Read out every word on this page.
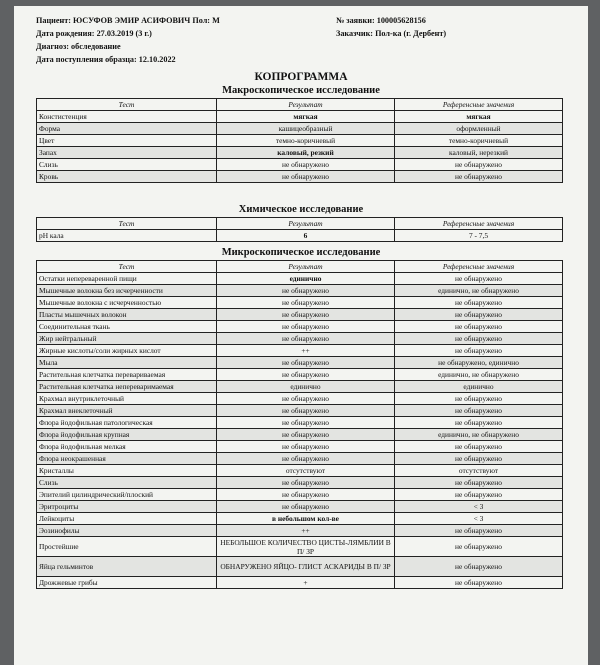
Пациент: ЮСУФОВ ЭМИР АСИФОВИЧ Пол: М
Дата рождения: 27.03.2019 (3 г.)
Диагноз: обследование
Дата поступления образца: 12.10.2022
№ заявки: 100005628156
Заказчик: Пол-ка (г. Дербент)
КОПРОГРАММА
Макроскопическое исследование
Тест	Результат	Референсные значения
Констистенция	мягкая	мягкая
Форма	кашицеобразный	оформленный
Цвет	темно-коричневый	темно-коричневый
Запах	каловый, резкий	каловый, нерезкий
Слизь	не обнаружено	не обнаружено
Кровь	не обнаружено	не обнаружено
Химическое исследование
Тест	Результат	Референсные значения
pH кала	6	7 - 7,5
Микроскопическое исследование
Тест	Результат	Референсные значения
Остатки непереваренной пищи	единично	не обнаружено
Мышечные волокна без исчерченности	не обнаружено	единично, не обнаружено
Мышечные волокна с исчерченностью	не обнаружено	не обнаружено
Пласты мышечных волокон	не обнаружено	не обнаружено
Соединительная ткань	не обнаружено	не обнаружено
Жир нейтральный	не обнаружено	не обнаружено
Жирные кислоты/соли жирных кислот	++	не обнаружено
Мыла	не обнаружено	не обнаружено, единично
Растительная клетчатка перевариваемая	не обнаружено	единично, не обнаружено
Растительная клетчатка непереваримаемая	единично	единично
Крахмал внутриклеточный	не обнаружено	не обнаружено
Крахмал внеклеточный	не обнаружено	не обнаружено
Флора йодофильная патологическая	не обнаружено	не обнаружено
Флора йодофильная крупная	не обнаружено	единично, не обнаружено
Флора йодофильная мелкая	не обнаружено	не обнаружено
Флора неокрашенная	не обнаружено	не обнаружено
Кристаллы	отсутствуют	отсутствуют
Слизь	не обнаружено	не обнаружено
Эпителий цилиндрический/плоский	не обнаружено	не обнаружено
Эритроциты	не обнаружено	< 3
Лейкоциты	в небольшом кол-ве	< 3
Эозинофилы	++	не обнаружено
Простейшие	НЕБОЛЬШОЕ КОЛИЧЕСТВО ЦИСТЫ-ЛЯМБЛИИ В П/ ЗР	не обнаружено
Яйца гельминтов	ОБНАРУЖЕНО ЯЙЦО- ГЛИСТ АСКАРИДЫ В П/ ЗР	не обнаружено
Дрожжевые грибы	+	не обнаружено
